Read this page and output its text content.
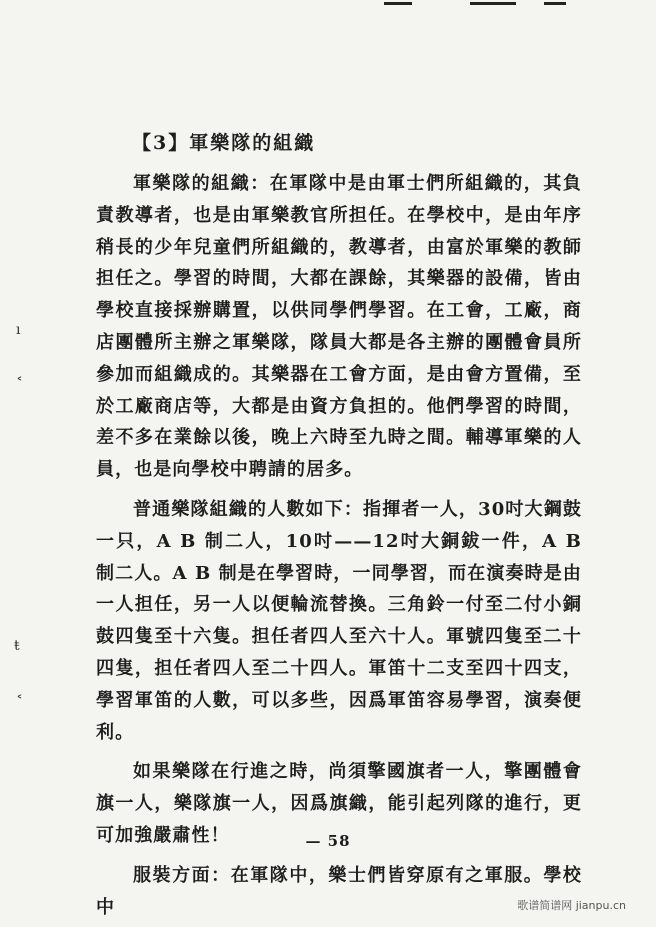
【3】軍樂隊的組織

軍樂隊的組織：在軍隊中是由軍士們所組織的，其負責教導者，也是由軍樂教官所担任。在學校中，是由年序稍長的少年兒童們所組織的，教導者，由富於軍樂的教師担任之。學習的時間，大都在課餘，其樂器的設備，皆由學校直接採辦購置，以供同學們學習。在工會，工廠，商店團體所主辦之軍樂隊，隊員大都是各主辦的團體會員所參加而組織成的。其樂器在工會方面，是由會方置備，至於工廠商店等，大都是由資方負担的。他們學習的時間，差不多在業餘以後，晚上六時至九時之間。輔導軍樂的人員，也是向學校中聘請的居多。

普通樂隊組織的人數如下：指揮者一人，30吋大鋼鼓一只，A B 制二人，10吋——12吋大銅鈸一件，A B 制二人。A B 制是在學習時，一同學習，而在演奏時是由一人担任，另一人以便輪流替換。三角鈴一付至二付小銅鼓四隻至十六隻。担任者四人至六十人。軍號四隻至二十四隻，担任者四人至二十四人。軍笛十二支至四十四支，學習軍笛的人數，可以多些，因爲軍笛容易學習，演奏便利。

如果樂隊在行進之時，尚須擎國旗者一人，擎團體會旗一人，樂隊旗一人，因爲旗織，能引起列隊的進行，更可加強嚴肅性！

服裝方面：在軍隊中，樂士們皆穿原有之軍服。學校中

— 58
ı
˂
ŧ
˂
歌谱简谱网 jianpu.cn
